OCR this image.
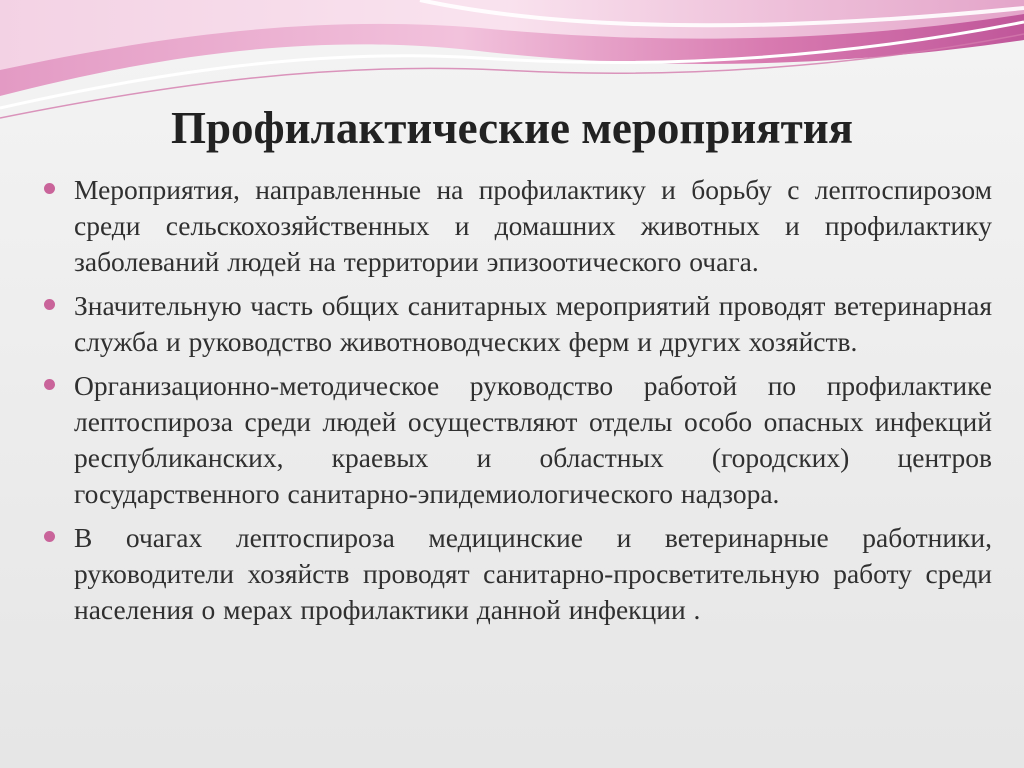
Профилактические мероприятия
Мероприятия, направленные на профилактику и борьбу с лептоспирозом среди сельскохозяйственных и домашних животных и профилактику заболеваний людей на территории эпизоотического очага.
Значительную часть общих санитарных мероприятий проводят ветеринарная служба и руководство животноводческих ферм и других хозяйств.
Организационно-методическое руководство работой по профилактике лептоспироза среди людей осуществляют отделы особо опасных инфекций республиканских, краевых и областных (городских) центров государственного санитарно-эпидемиологического надзора.
В очагах лептоспироза медицинские и ветеринарные работники, руководители хозяйств проводят санитарно-просветительную работу среди населения о мерах профилактики данной инфекции .
